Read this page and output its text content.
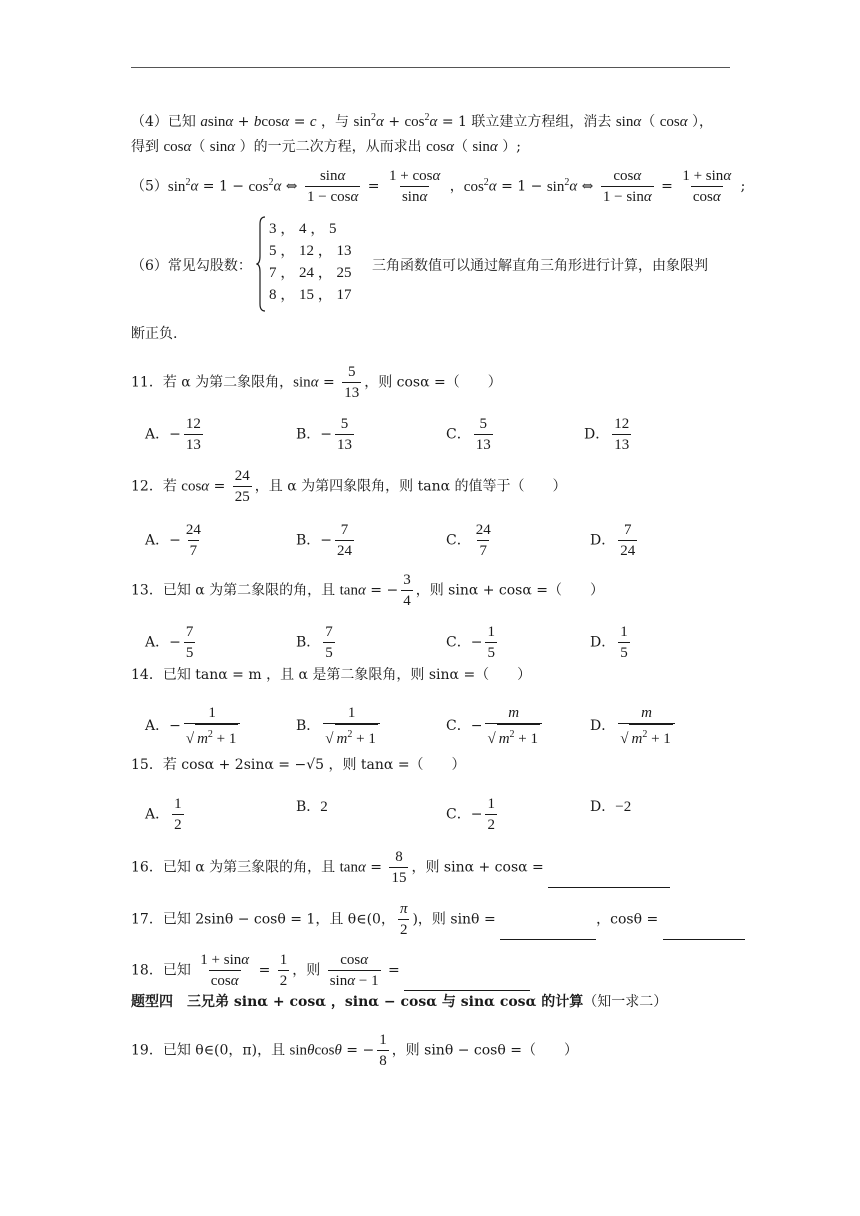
（4）已知 asinα + bcosα = c ，与 $\sin^2\alpha + \cos^2\alpha = 1$ 联立建立方程组，消去 sinα（ cosα ），
得到 cosα（ sinα ）的一元二次方程，从而求出 cosα（ sinα ）;
$(5)\sin^2\alpha = 1 - \cos^2\alpha$ ⇔ $\frac{\sin\alpha}{1 - \cos\alpha} = \frac{1 + \cos\alpha}{\sin\alpha}$ ，$\cos^2\alpha = 1 - \sin^2\alpha$ ⇔ $\frac{\cos\alpha}{1 - \sin\alpha} = \frac{1 + \sin\alpha}{\cos\alpha}$ ;
（6）常见勾股数：
3 ， 4 ， 5
5 ， 12 ， 13
7 ， 24 ， 25
8 ， 15 ， 17
三角函数值可以通过解直角三角形进行计算，由象限判
断正负.
11．若 α 为第二象限角，$\sin\alpha = \frac{5}{13}$ ，则 cosα =（　　）
A．− $\frac{12}{13}$	B．− $\frac{5}{13}$	C． $\frac{5}{13}$	D． $\frac{12}{13}$
12．若 $\cos\alpha = \frac{24}{25}$ ，且 α 为第四象限角，则 tanα 的值等于（　　）
A．− $\frac{24}{7}$	B．− $\frac{7}{24}$	C． $\frac{24}{7}$	D． $\frac{7}{24}$
13．已知 α 为第二象限的角，且 tanα = − $\frac{3}{4}$ ，则 sinα + cosα =（　　）
A．− $\frac{7}{5}$	B． $\frac{7}{5}$	C．− $\frac{1}{5}$	D． $\frac{1}{5}$
14．已知 tanα = m ，且 α 是第二象限角，则 sinα =（　　）
A．− $\frac{1}{√ m^2 + 1}$	B． $\frac{1}{√ m^2 + 1}$	C．− $\frac{m}{√ m^2 + 1}$	D． $\frac{m}{√ m^2 + 1}$
15．若 cosα + 2sinα = −√5 ，则 tanα =（　　）
A． $\frac{1}{2}$	B．2	C．− $\frac{1}{2}$	D．−2
16．已知 α 为第三象限的角，且 $\tan\alpha = \frac{8}{15}$ ，则 sinα + cosα =
17．已知 2sinθ − cosθ = 1，且 θ∈(0， $\frac{\pi}{2}$ )，则 sinθ =	，cosθ =
18．已知 $\frac{1 + \sin\alpha}{\cos\alpha} = \frac{1}{2}$ ，则 $\frac{\cos\alpha}{\sin\alpha - 1}$ =
题型四　三兄弟 sinα + cosα ，sinα − cosα 与 sinα cosα 的计算（知一求二）
19．已知 θ∈(0，π)，且 sinθcosθ = − $\frac{1}{8}$ ，则 sinθ − cosθ =（　　）
